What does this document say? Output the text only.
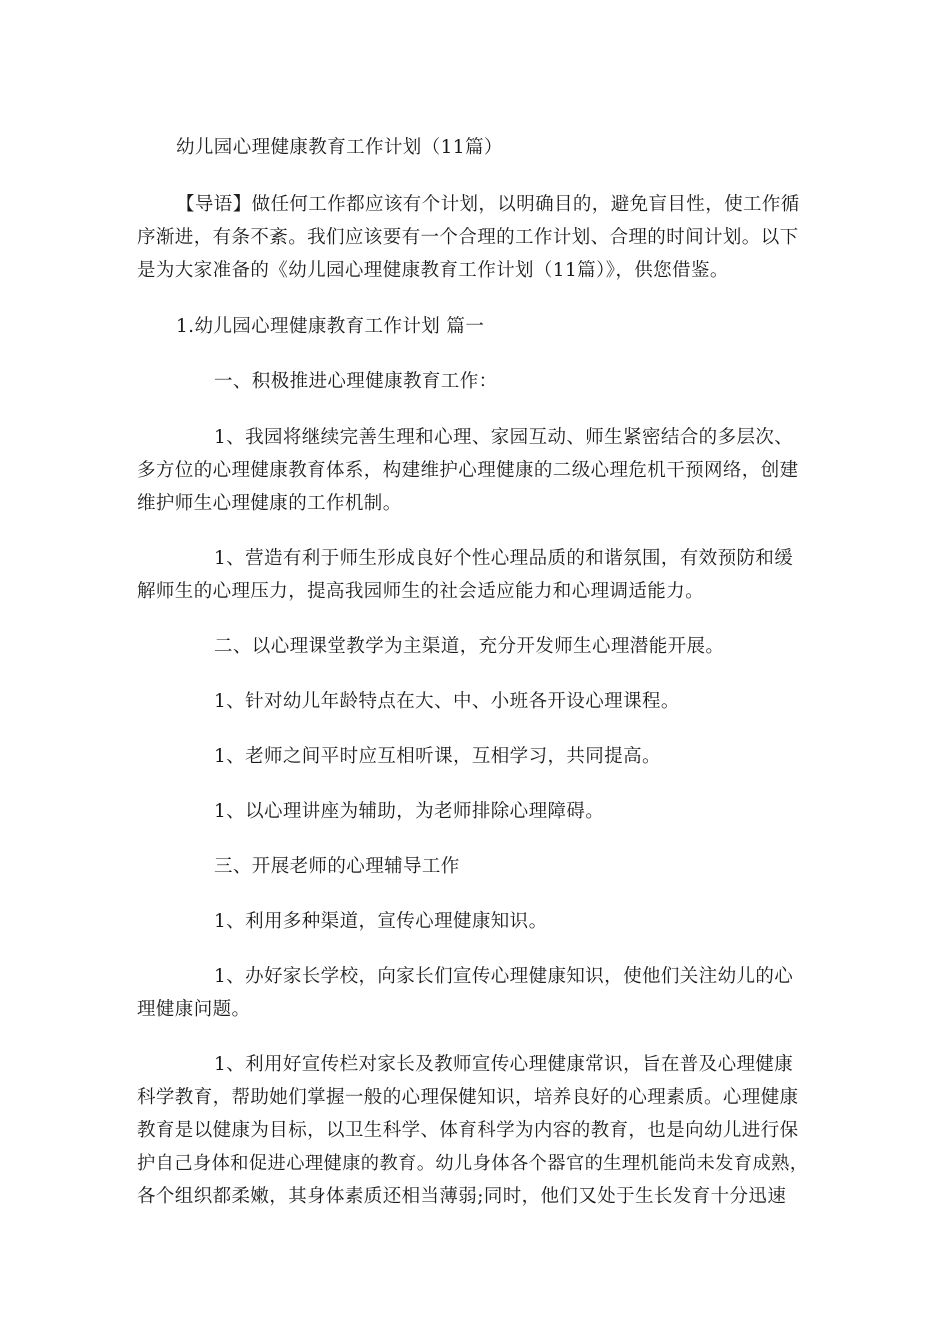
幼儿园心理健康教育工作计划（11篇）

【导语】做任何工作都应该有个计划，以明确目的，避免盲目性，使工作循

序渐进，有条不紊。我们应该要有一个合理的工作计划、合理的时间计划。以下

是为大家准备的《幼儿园心理健康教育工作计划（11篇）》，供您借鉴。

1.幼儿园心理健康教育工作计划 篇一

一、积极推进心理健康教育工作：

1、我园将继续完善生理和心理、家园互动、师生紧密结合的多层次、

多方位的心理健康教育体系，构建维护心理健康的二级心理危机干预网络，创建

维护师生心理健康的工作机制。

1、营造有利于师生形成良好个性心理品质的和谐氛围，有效预防和缓

解师生的心理压力，提高我园师生的社会适应能力和心理调适能力。

二、以心理课堂教学为主渠道，充分开发师生心理潜能开展。

1、针对幼儿年龄特点在大、中、小班各开设心理课程。

1、老师之间平时应互相听课，互相学习，共同提高。

1、以心理讲座为辅助，为老师排除心理障碍。

三、开展老师的心理辅导工作

1、利用多种渠道，宣传心理健康知识。

1、办好家长学校，向家长们宣传心理健康知识，使他们关注幼儿的心

理健康问题。

1、利用好宣传栏对家长及教师宣传心理健康常识，旨在普及心理健康

科学教育，帮助她们掌握一般的心理保健知识，培养良好的心理素质。心理健康

教育是以健康为目标，以卫生科学、体育科学为内容的教育，也是向幼儿进行保

护自己身体和促进心理健康的教育。幼儿身体各个器官的生理机能尚未发育成熟，

各个组织都柔嫩，其身体素质还相当薄弱;同时，他们又处于生长发育十分迅速
